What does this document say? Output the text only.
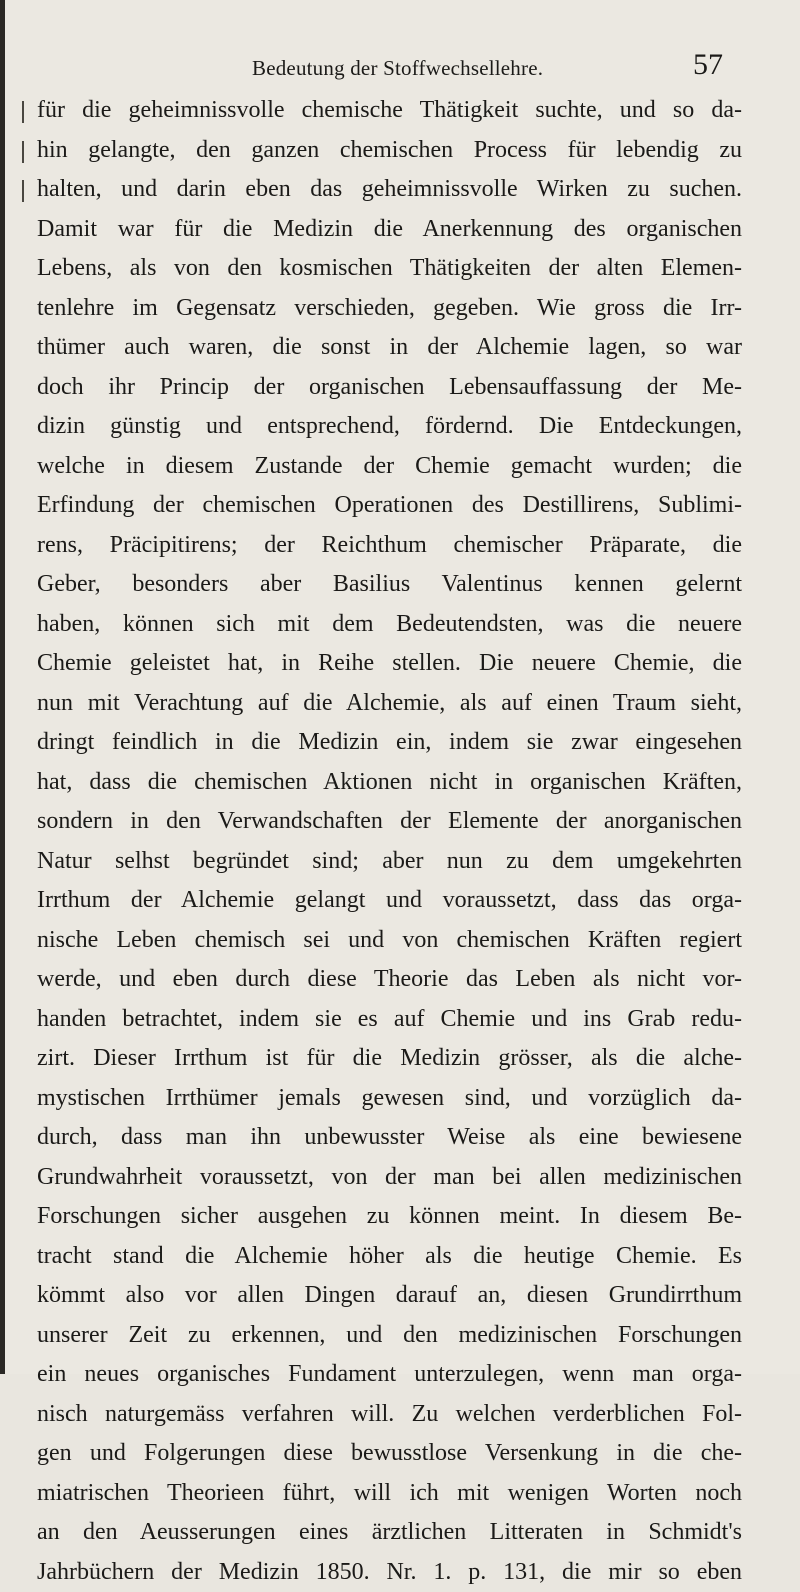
Bedeutung der Stoffwechsellehre.	57
für die geheimnissvolle chemische Thätigkeit suchte, und so da-
hin gelangte, den ganzen chemischen Process für lebendig zu
halten, und darin eben das geheimnissvolle Wirken zu suchen.
Damit war für die Medizin die Anerkennung des organischen
Lebens, als von den kosmischen Thätigkeiten der alten Elemen-
tenlehre im Gegensatz verschieden, gegeben. Wie gross die Irr-
thümer auch waren, die sonst in der Alchemie lagen, so war
doch ihr Princip der organischen Lebensauffassung der Me-
dizin günstig und entsprechend, fördernd. Die Entdeckungen,
welche in diesem Zustande der Chemie gemacht wurden; die
Erfindung der chemischen Operationen des Destillirens, Sublimi-
rens, Präcipitirens; der Reichthum chemischer Präparate, die
Geber, besonders aber Basilius Valentinus kennen gelernt
haben, können sich mit dem Bedeutendsten, was die neuere
Chemie geleistet hat, in Reihe stellen. Die neuere Chemie, die
nun mit Verachtung auf die Alchemie, als auf einen Traum sieht,
dringt feindlich in die Medizin ein, indem sie zwar eingesehen
hat, dass die chemischen Aktionen nicht in organischen Kräften,
sondern in den Verwandschaften der Elemente der anorganischen
Natur selhst begründet sind; aber nun zu dem umgekehrten
Irrthum der Alchemie gelangt und voraussetzt, dass das orga-
nische Leben chemisch sei und von chemischen Kräften regiert
werde, und eben durch diese Theorie das Leben als nicht vor-
handen betrachtet, indem sie es auf Chemie und ins Grab redu-
zirt. Dieser Irrthum ist für die Medizin grösser, als die alche-
mystischen Irrthümer jemals gewesen sind, und vorzüglich da-
durch, dass man ihn unbewusster Weise als eine bewiesene
Grundwahrheit voraussetzt, von der man bei allen medizinischen
Forschungen sicher ausgehen zu können meint. In diesem Be-
tracht stand die Alchemie höher als die heutige Chemie. Es
kömmt also vor allen Dingen darauf an, diesen Grundirrthum
unserer Zeit zu erkennen, und den medizinischen Forschungen
ein neues organisches Fundament unterzulegen, wenn man orga-
nisch naturgemäss verfahren will. Zu welchen verderblichen Fol-
gen und Folgerungen diese bewusstlose Versenkung in die che-
miatrischen Theorieen führt, will ich mit wenigen Worten noch
an den Aeusserungen eines ärztlichen Litteraten in Schmidt's
Jahrbüchern der Medizin 1850. Nr. 1. p. 131, die mir so eben
